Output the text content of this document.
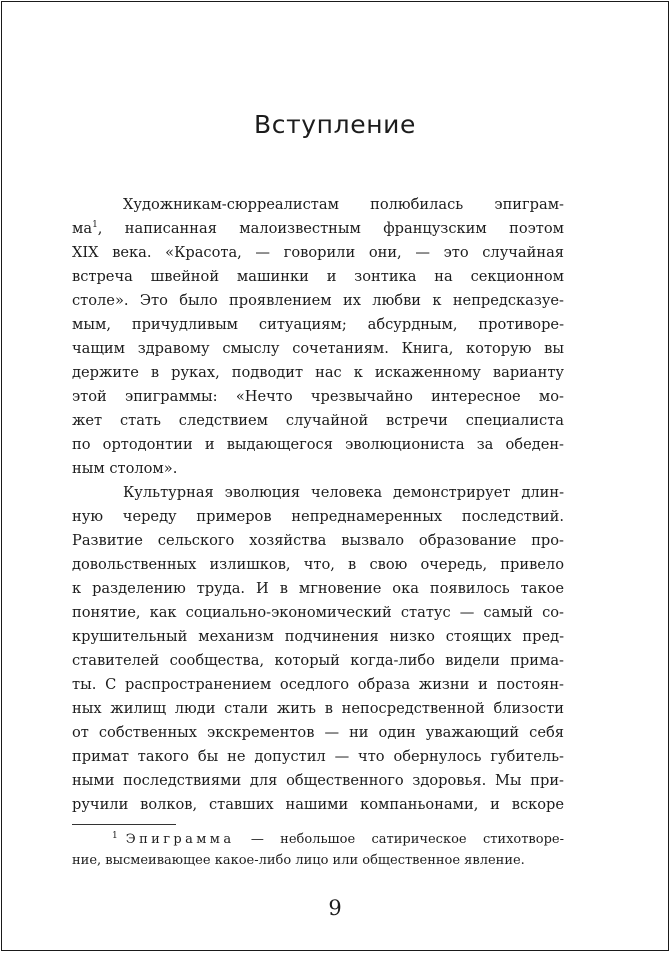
Вступление
Художникам-сюрреалистам полюбилась эпиграм-
ма$^1$, написанная малоизвестным французским поэтом
XIX века. «Красота, — говорили они, — это случайная
встреча швейной машинки и зонтика на секционном
столе». Это было проявлением их любви к непредсказуе-
мым, причудливым ситуациям; абсурдным, противоре-
чащим здравому смыслу сочетаниям. Книга, которую вы
держите в руках, подводит нас к искаженному варианту
этой эпиграммы: «Нечто чрезвычайно интересное мо-
жет стать следствием случайной встречи специалиста
по ортодонтии и выдающегося эволюциониста за обеден-
ным столом».
Культурная эволюция человека демонстрирует длин-
ную череду примеров непреднамеренных последствий.
Развитие сельского хозяйства вызвало образование про-
довольственных излишков, что, в свою очередь, привело
к разделению труда. И в мгновение ока появилось такое
понятие, как социально-экономический статус — самый со-
крушительный механизм подчинения низко стоящих пред-
ставителей сообщества, который когда-либо видели прима-
ты. С распространением оседлого образа жизни и постоян-
ных жилищ люди стали жить в непосредственной близости
от собственных экскрементов — ни один уважающий себя
примат такого бы не допустил — что обернулось губитель-
ными последствиями для общественного здоровья. Мы при-
ручили волков, ставших нашими компаньонами, и вскоре
$^1$ Эпиграмма — небольшое сатирическое стихотворе-
ние, высмеивающее какое-либо лицо или общественное явление.
9
